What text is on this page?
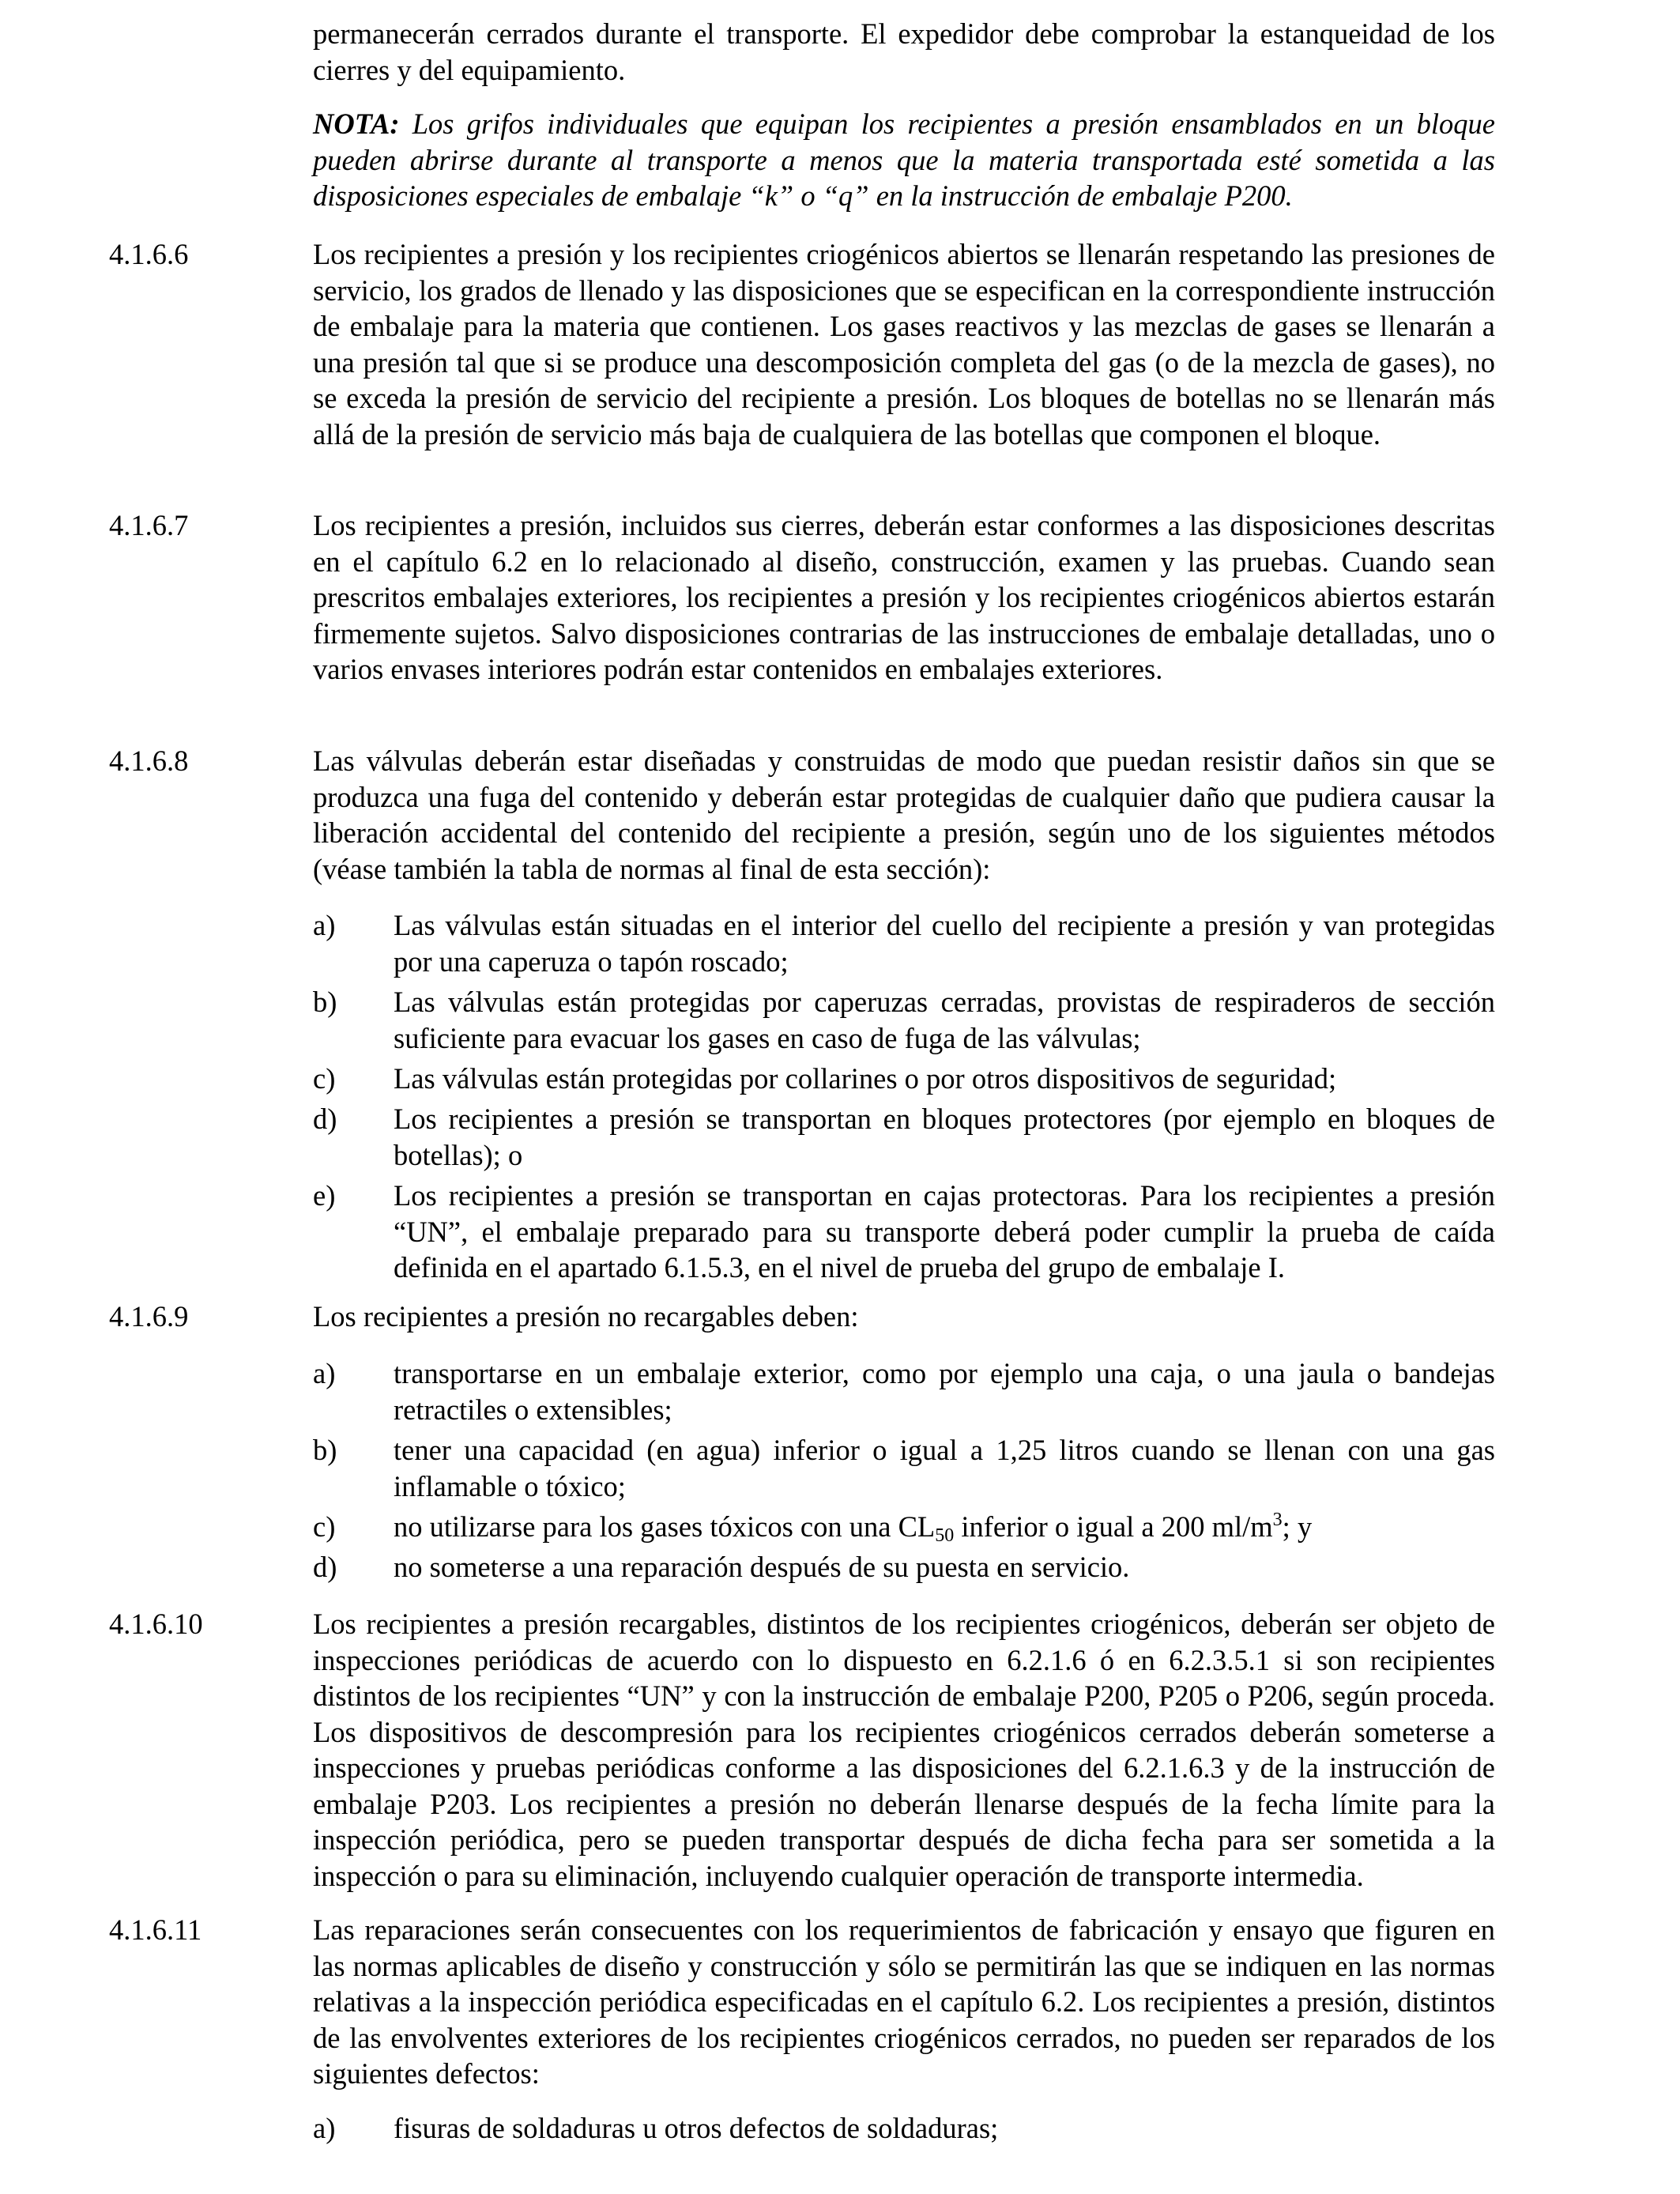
permanecerán cerrados durante el transporte. El expedidor debe comprobar la estanqueidad de los cierres y del equipamiento.
NOTA: Los grifos individuales que equipan los recipientes a presión ensamblados en un bloque pueden abrirse durante al transporte a menos que la materia transportada esté sometida a las disposiciones especiales de embalaje “k” o “q” en la instrucción de embalaje P200.
4.1.6.6	Los recipientes a presión y los recipientes criogénicos abiertos se llenarán respetando las presiones de servicio, los grados de llenado y las disposiciones que se especifican en la correspondiente instrucción de embalaje para la materia que contienen. Los gases reactivos y las mezclas de gases se llenarán a una presión tal que si se produce una descomposición completa del gas (o de la mezcla de gases), no se exceda la presión de servicio del recipiente a presión. Los bloques de botellas no se llenarán más allá de la presión de servicio más baja de cualquiera de las botellas que componen el bloque.
4.1.6.7	Los recipientes a presión, incluidos sus cierres, deberán estar conformes a las disposiciones descritas en el capítulo 6.2 en lo relacionado al diseño, construcción, examen y las pruebas. Cuando sean prescritos embalajes exteriores, los recipientes a presión y los recipientes criogénicos abiertos estarán firmemente sujetos. Salvo disposiciones contrarias de las instrucciones de embalaje detalladas, uno o varios envases interiores podrán estar contenidos en embalajes exteriores.
4.1.6.8	Las válvulas deberán estar diseñadas y construidas de modo que puedan resistir daños sin que se produzca una fuga del contenido y deberán estar protegidas de cualquier daño que pudiera causar la liberación accidental del contenido del recipiente a presión, según uno de los siguientes métodos (véase también la tabla de normas al final de esta sección):
a) Las válvulas están situadas en el interior del cuello del recipiente a presión y van protegidas por una caperuza o tapón roscado;
b) Las válvulas están protegidas por caperuzas cerradas, provistas de respiraderos de sección suficiente para evacuar los gases en caso de fuga de las válvulas;
c) Las válvulas están protegidas por collarines o por otros dispositivos de seguridad;
d) Los recipientes a presión se transportan en bloques protectores (por ejemplo en bloques de botellas); o
e) Los recipientes a presión se transportan en cajas protectoras. Para los recipientes a presión “UN”, el embalaje preparado para su transporte deberá poder cumplir la prueba de caída definida en el apartado 6.1.5.3, en el nivel de prueba del grupo de embalaje I.
4.1.6.9	Los recipientes a presión no recargables deben:
a) transportarse en un embalaje exterior, como por ejemplo una caja, o una jaula o bandejas retractiles o extensibles;
b) tener una capacidad (en agua) inferior o igual a 1,25 litros cuando se llenan con una gas inflamable o tóxico;
c) no utilizarse para los gases tóxicos con una $CL_{50}$ inferior o igual a 200 $ml/m^3$; y
d) no someterse a una reparación después de su puesta en servicio.
4.1.6.10	Los recipientes a presión recargables, distintos de los recipientes criogénicos, deberán ser objeto de inspecciones periódicas de acuerdo con lo dispuesto en 6.2.1.6 ó en 6.2.3.5.1 si son recipientes distintos de los recipientes “UN” y con la instrucción de embalaje P200, P205 o P206, según proceda. Los dispositivos de descompresión para los recipientes criogénicos cerrados deberán someterse a inspecciones y pruebas periódicas conforme a las disposiciones del 6.2.1.6.3 y de la instrucción de embalaje P203. Los recipientes a presión no deberán llenarse después de la fecha límite para la inspección periódica, pero se pueden transportar después de dicha fecha para ser sometida a la inspección o para su eliminación, incluyendo cualquier operación de transporte intermedia.
4.1.6.11	Las reparaciones serán consecuentes con los requerimientos de fabricación y ensayo que figuren en las normas aplicables de diseño y construcción y sólo se permitirán las que se indiquen en las normas relativas a la inspección periódica especificadas en el capítulo 6.2. Los recipientes a presión, distintos de las envolventes exteriores de los recipientes criogénicos cerrados, no pueden ser reparados de los siguientes defectos:
a) fisuras de soldaduras u otros defectos de soldaduras;
